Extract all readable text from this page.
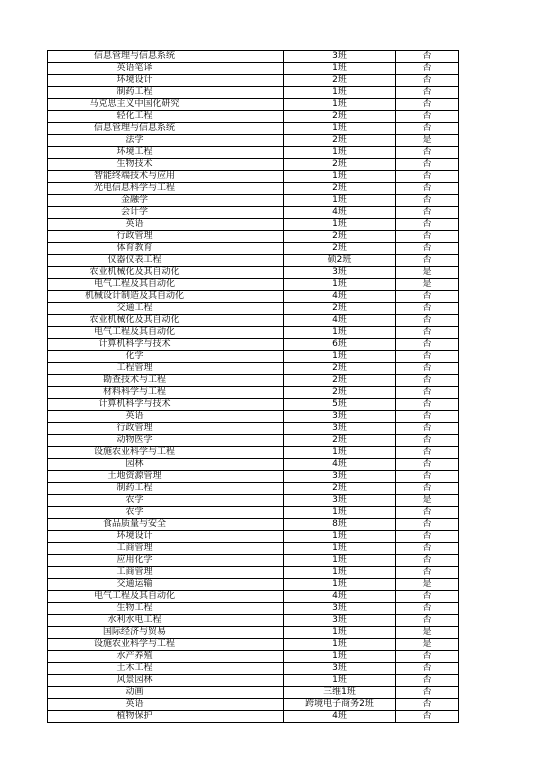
信息管理与信息系统	3班	否
英语笔译	1班	否
环境设计	2班	否
制药工程	1班	否
马克思主义中国化研究	1班	否
轻化工程	2班	否
信息管理与信息系统	1班	否
法学	2班	是
环境工程	1班	否
生物技术	2班	否
智能终端技术与应用	1班	否
光电信息科学与工程	2班	否
金融学	1班	否
会计学	4班	否
英语	1班	否
行政管理	2班	否
体育教育	2班	否
仪器仪表工程	硕2班	否
农业机械化及其自动化	3班	是
电气工程及其自动化	1班	是
机械设计制造及其自动化	4班	否
交通工程	2班	否
农业机械化及其自动化	4班	否
电气工程及其自动化	1班	否
计算机科学与技术	6班	否
化学	1班	否
工程管理	2班	否
勘查技术与工程	2班	否
材料科学与工程	2班	否
计算机科学与技术	5班	否
英语	3班	否
行政管理	3班	否
动物医学	2班	否
设施农业科学与工程	1班	否
园林	4班	否
土地资源管理	3班	否
制药工程	2班	否
农学	3班	是
农学	1班	否
食品质量与安全	8班	否
环境设计	1班	否
工商管理	1班	否
应用化学	1班	否
工商管理	1班	否
交通运输	1班	是
电气工程及其自动化	4班	否
生物工程	3班	否
水利水电工程	3班	否
国际经济与贸易	1班	是
设施农业科学与工程	1班	是
水产养殖	1班	否
土木工程	3班	否
风景园林	1班	否
动画	三维1班	否
英语	跨境电子商务2班	否
植物保护	4班	否
